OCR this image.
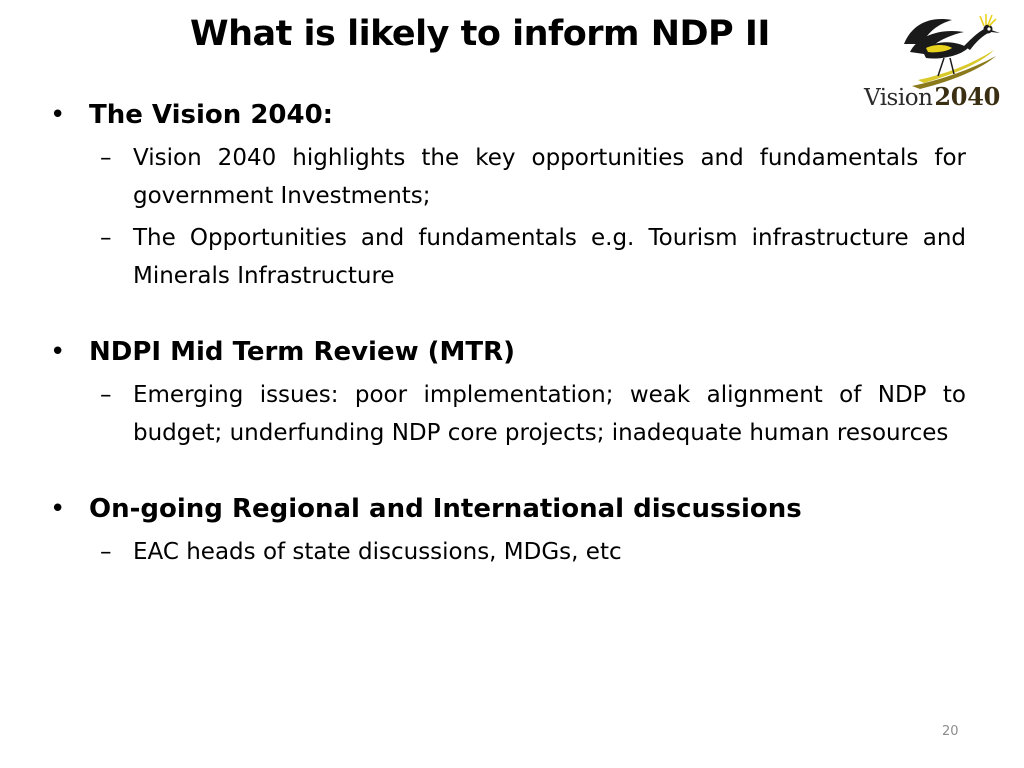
What is likely to inform NDP II
Vision2040
• The Vision 2040:
– Vision 2040 highlights the key opportunities and fundamentals for government Investments;
– The Opportunities and fundamentals e.g. Tourism infrastructure and Minerals Infrastructure
• NDPI Mid Term Review (MTR)
– Emerging issues: poor implementation; weak alignment of NDP to budget; underfunding NDP core projects; inadequate human resources
• On-going Regional and International discussions
– EAC heads of state discussions, MDGs, etc
20
